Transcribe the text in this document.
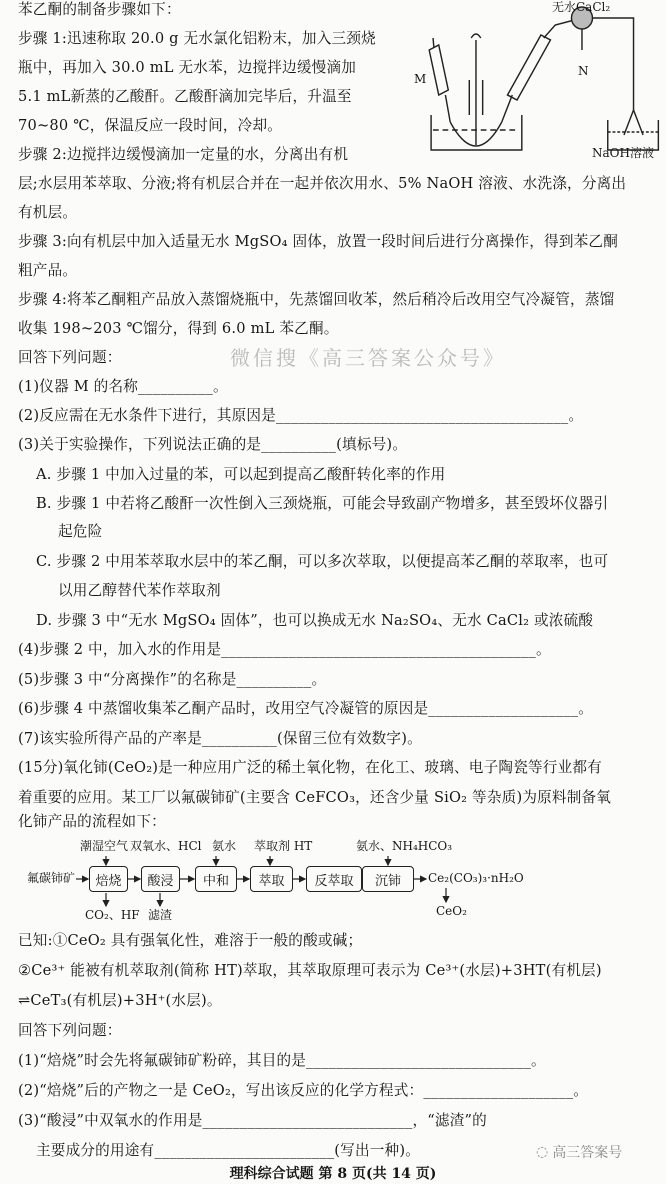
苯乙酮的制备步骤如下：
步骤 1:迅速称取 20.0 g 无水氯化铝粉末，加入三颈烧
瓶中，再加入 30.0 mL 无水苯，边搅拌边缓慢滴加
5.1 mL新蒸的乙酸酐。乙酸酐滴加完毕后，升温至
70~80 ℃，保温反应一段时间，冷却。
步骤 2:边搅拌边缓慢滴加一定量的水，分离出有机
层;水层用苯萃取、分液;将有机层合并在一起并依次用水、5% NaOH 溶液、水洗涤，分离出
有机层。
步骤 3:向有机层中加入适量无水 MgSO₄ 固体，放置一段时间后进行分离操作，得到苯乙酮
粗产品。
步骤 4:将苯乙酮粗产品放入蒸馏烧瓶中，先蒸馏回收苯，然后稍冷后改用空气冷凝管，蒸馏
收集 198~203 ℃馏分，得到 6.0 mL 苯乙酮。
回答下列问题：
(1)仪器 M 的名称__________。
(2)反应需在无水条件下进行，其原因是_______________________________________。
(3)关于实验操作，下列说法正确的是__________(填标号)。
A. 步骤 1 中加入过量的苯，可以起到提高乙酸酐转化率的作用
B. 步骤 1 中若将乙酸酐一次性倒入三颈烧瓶，可能会导致副产物增多，甚至毁坏仪器引
起危险
C. 步骤 2 中用苯萃取水层中的苯乙酮，可以多次萃取，以便提高苯乙酮的萃取率，也可
以用乙醇替代苯作萃取剂
D. 步骤 3 中“无水 MgSO₄ 固体”，也可以换成无水 Na₂SO₄、无水 CaCl₂ 或浓硫酸
(4)步骤 2 中，加入水的作用是__________________________________________。
(5)步骤 3 中“分离操作”的名称是__________。
(6)步骤 4 中蒸馏收集苯乙酮产品时，改用空气冷凝管的原因是____________________。
(7)该实验所得产品的产率是__________(保留三位有效数字)。
(15分)氧化铈(CeO₂)是一种应用广泛的稀土氧化物，在化工、玻璃、电子陶瓷等行业都有
着重要的应用。某工厂以氟碳铈矿(主要含 CeFCO₃，还含少量 SiO₂ 等杂质)为原料制备氧
化铈产品的流程如下：
已知:①CeO₂ 具有强氧化性，难溶于一般的酸或碱；
②Ce³⁺ 能被有机萃取剂(简称 HT)萃取，其萃取原理可表示为 Ce³⁺(水层)+3HT(有机层)
⇌CeT₃(有机层)+3H⁺(水层)。
回答下列问题：
(1)“焙烧”时会先将氟碳铈矿粉碎，其目的是______________________________。
(2)“焙烧”后的产物之一是 CeO₂，写出该反应的化学方程式：____________________。
(3)“酸浸”中双氧水的作用是____________________________，“滤渣”的
主要成分的用途有________________________(写出一种)。
无水CaCl₂
M
N
NaOH溶液
氟碳铈矿	焙烧	酸浸	中和	萃取	反萃取	沉铈
潮湿空气 双氧水、HCl 氨水 萃取剂 HT	氨水、NH₄HCO₃
CO₂、HF 滤渣
Ce₂(CO₃)₃·nH₂O
CeO₂
微信搜《高三答案公众号》
◌ 高三答案号
理科综合试题 第 8 页(共 14 页)
